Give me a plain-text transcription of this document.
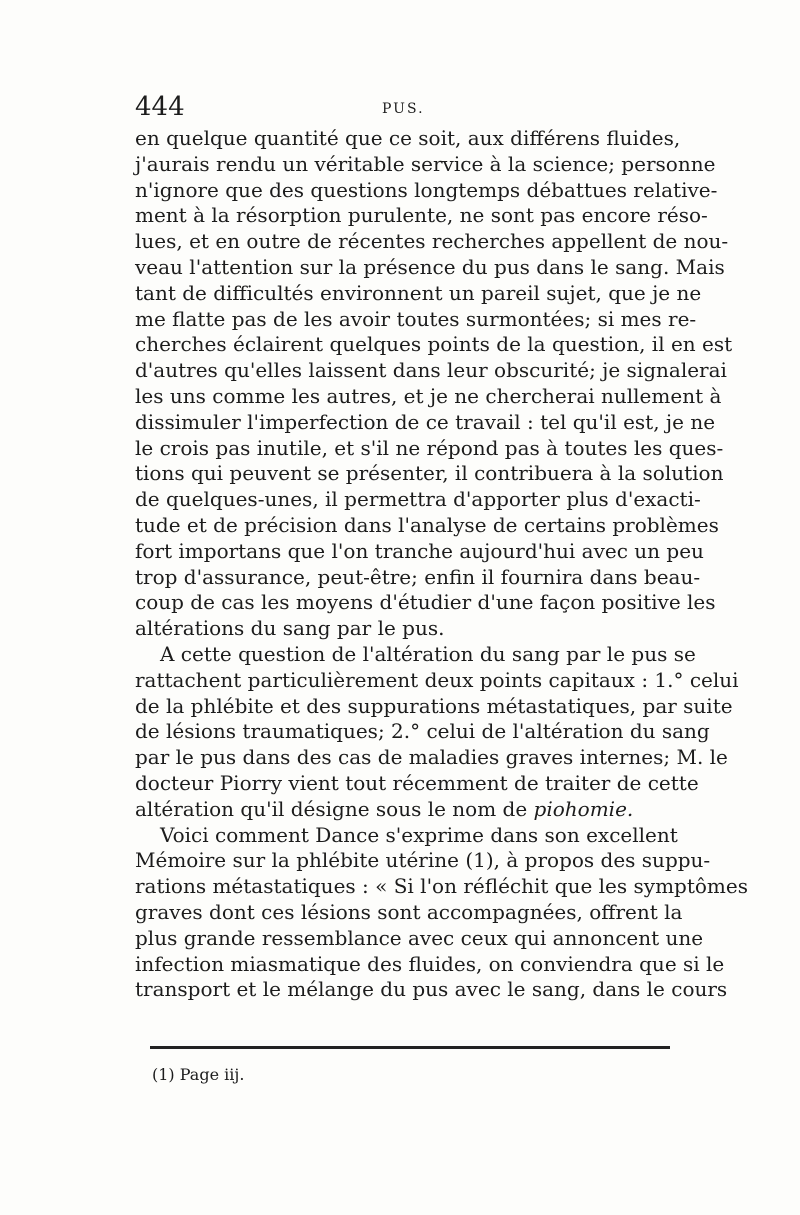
444	PUS.
en quelque quantité que ce soit, aux différens fluides,
j'aurais rendu un véritable service à la science; personne
n'ignore que des questions longtemps débattues relative-
ment à la résorption purulente, ne sont pas encore réso-
lues, et en outre de récentes recherches appellent de nou-
veau l'attention sur la présence du pus dans le sang. Mais
tant de difficultés environnent un pareil sujet, que je ne
me flatte pas de les avoir toutes surmontées; si mes re-
cherches éclairent quelques points de la question, il en est
d'autres qu'elles laissent dans leur obscurité; je signalerai
les uns comme les autres, et je ne chercherai nullement à
dissimuler l'imperfection de ce travail : tel qu'il est, je ne
le crois pas inutile, et s'il ne répond pas à toutes les ques-
tions qui peuvent se présenter, il contribuera à la solution
de quelques-unes, il permettra d'apporter plus d'exacti-
tude et de précision dans l'analyse de certains problèmes
fort importans que l'on tranche aujourd'hui avec un peu
trop d'assurance, peut-être; enfin il fournira dans beau-
coup de cas les moyens d'étudier d'une façon positive les
altérations du sang par le pus.
A cette question de l'altération du sang par le pus se
rattachent particulièrement deux points capitaux : 1.° celui
de la phlébite et des suppurations métastatiques, par suite
de lésions traumatiques; 2.° celui de l'altération du sang
par le pus dans des cas de maladies graves internes; M. le
docteur Piorry vient tout récemment de traiter de cette
altération qu'il désigne sous le nom de piohomie.
Voici comment Dance s'exprime dans son excellent
Mémoire sur la phlébite utérine (1), à propos des suppu-
rations métastatiques : « Si l'on réfléchit que les symptômes
graves dont ces lésions sont accompagnées, offrent la
plus grande ressemblance avec ceux qui annoncent une
infection miasmatique des fluides, on conviendra que si le
transport et le mélange du pus avec le sang, dans le cours
(1) Page iij.
